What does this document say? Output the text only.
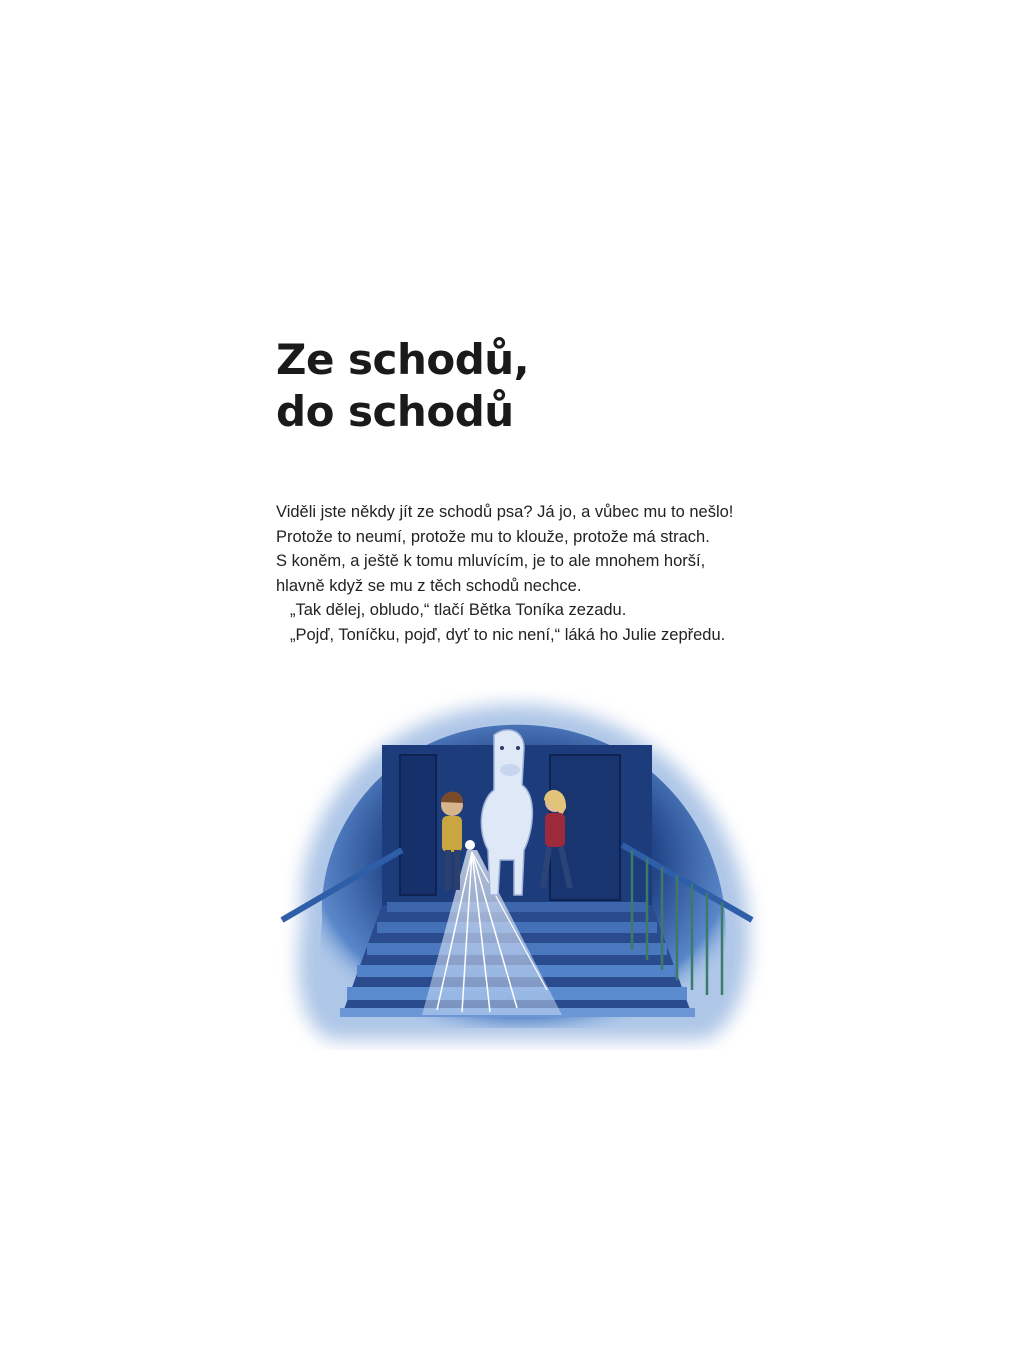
Ze schodů,
do schodů

Viděli jste někdy jít ze schodů psa? Já jo, a vůbec mu to nešlo!

Protože to neumí, protože mu to klouže, protože má strach.

S koněm, a ještě k tomu mluvícím, je to ale mnohem horší,

hlavně když se mu z těch schodů nechce.

„Tak dělej, obludo,“ tlačí Bětka Toníka zezadu.

„Pojď, Toníčku, pojď, dyť to nic není,“ láká ho Julie zepředu.
